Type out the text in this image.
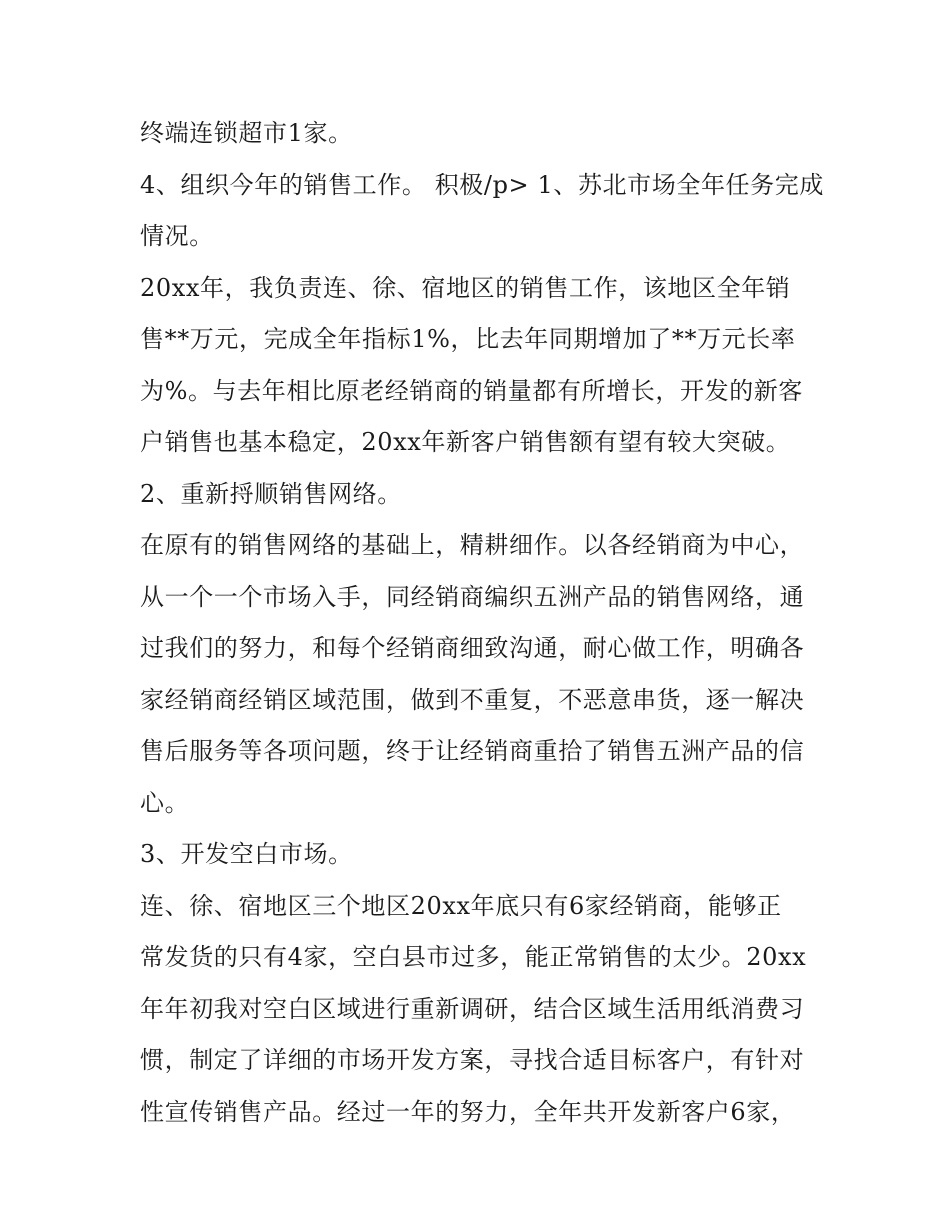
终端连锁超市1家。
4、组织今年的销售工作。 积极/p> 1、苏北市场全年任务完成
情况。
20xx年，我负责连、徐、宿地区的销售工作，该地区全年销
售**万元，完成全年指标1%，比去年同期增加了**万元长率
为%。与去年相比原老经销商的销量都有所增长，开发的新客
户销售也基本稳定，20xx年新客户销售额有望有较大突破。
2、重新捋顺销售网络。
在原有的销售网络的基础上，精耕细作。以各经销商为中心，
从一个一个市场入手，同经销商编织五洲产品的销售网络，通
过我们的努力，和每个经销商细致沟通，耐心做工作，明确各
家经销商经销区域范围，做到不重复，不恶意串货，逐一解决
售后服务等各项问题，终于让经销商重拾了销售五洲产品的信
心。
3、开发空白市场。
连、徐、宿地区三个地区20xx年底只有6家经销商，能够正
常发货的只有4家，空白县市过多，能正常销售的太少。20xx
年年初我对空白区域进行重新调研，结合区域生活用纸消费习
惯，制定了详细的市场开发方案，寻找合适目标客户，有针对
性宣传销售产品。经过一年的努力，全年共开发新客户6家，
